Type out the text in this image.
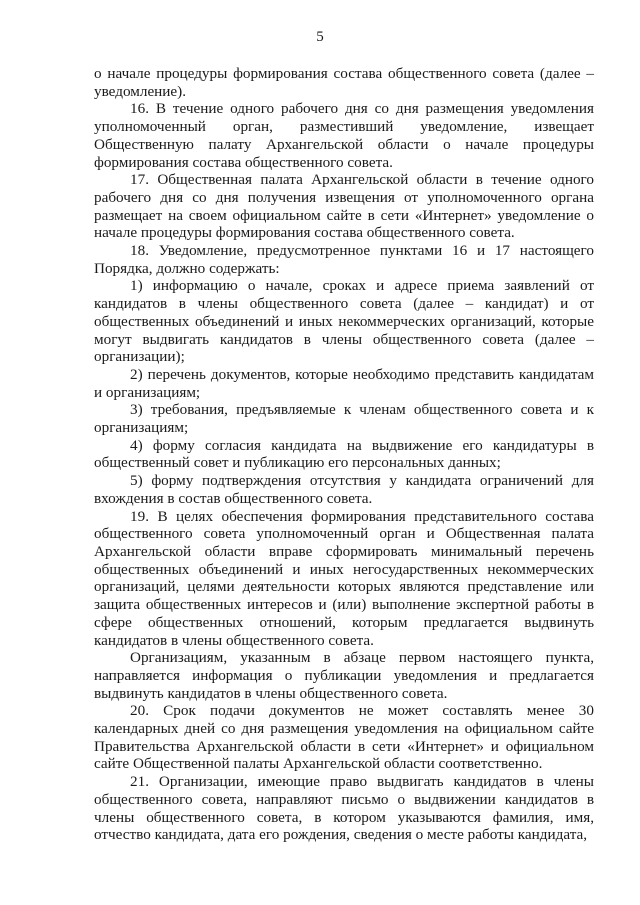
5

о начале процедуры формирования состава общественного совета (далее – уведомление).

16. В течение одного рабочего дня со дня размещения уведомления уполномоченный орган, разместивший уведомление, извещает Общественную палату Архангельской области о начале процедуры формирования состава общественного совета.

17. Общественная палата Архангельской области в течение одного рабочего дня со дня получения извещения от уполномоченного органа размещает на своем официальном сайте в сети «Интернет» уведомление о начале процедуры формирования состава общественного совета.

18. Уведомление, предусмотренное пунктами 16 и 17 настоящего Порядка, должно содержать:

1) информацию о начале, сроках и адресе приема заявлений от кандидатов в члены общественного совета (далее – кандидат) и от общественных объединений и иных некоммерческих организаций, которые могут выдвигать кандидатов в члены общественного совета (далее – организации);

2) перечень документов, которые необходимо представить кандидатам и организациям;

3) требования, предъявляемые к членам общественного совета и к организациям;

4) форму согласия кандидата на выдвижение его кандидатуры в общественный совет и публикацию его персональных данных;

5) форму подтверждения отсутствия у кандидата ограничений для вхождения в состав общественного совета.

19. В целях обеспечения формирования представительного состава общественного совета уполномоченный орган и Общественная палата Архангельской области вправе сформировать минимальный перечень общественных объединений и иных негосударственных некоммерческих организаций, целями деятельности которых являются представление или защита общественных интересов и (или) выполнение экспертной работы в сфере общественных отношений, которым предлагается выдвинуть кандидатов в члены общественного совета.

Организациям, указанным в абзаце первом настоящего пункта, направляется информация о публикации уведомления и предлагается выдвинуть кандидатов в члены общественного совета.

20. Срок подачи документов не может составлять менее 30 календарных дней со дня размещения уведомления на официальном сайте Правительства Архангельской области в сети «Интернет» и официальном сайте Общественной палаты Архангельской области соответственно.

21. Организации, имеющие право выдвигать кандидатов в члены общественного совета, направляют письмо о выдвижении кандидатов в члены общественного совета, в котором указываются фамилия, имя, отчество кандидата, дата его рождения, сведения о месте работы кандидата,
